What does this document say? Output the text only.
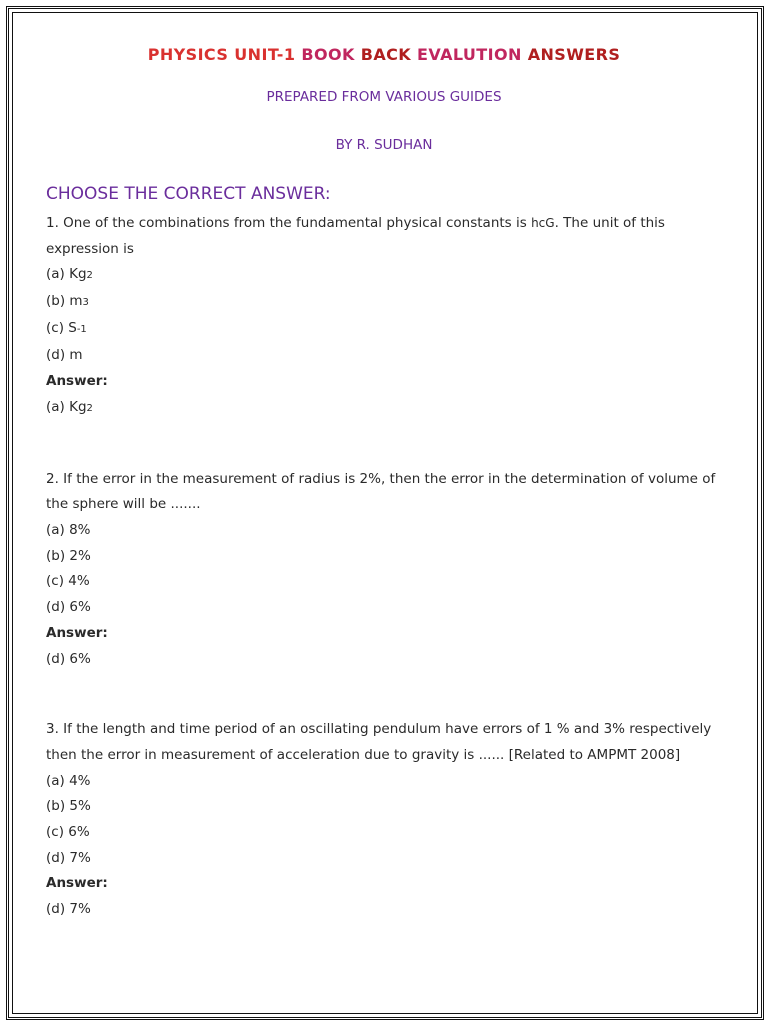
PHYSICS UNIT-1 BOOK BACK EVALUTION ANSWERS
PREPARED FROM VARIOUS GUIDES
BY R. SUDHAN
CHOOSE THE CORRECT ANSWER:
1. One of the combinations from the fundamental physical constants is hcG. The unit of this expression is
(a) Kg2
(b) m3
(c) S-1
(d) m
Answer:
(a) Kg2
2. If the error in the measurement of radius is 2%, then the error in the determination of volume of the sphere will be .......
(a) 8%
(b) 2%
(c) 4%
(d) 6%
Answer:
(d) 6%
3. If the length and time period of an oscillating pendulum have errors of 1 % and 3% respectively
then the error in measurement of acceleration due to gravity is ...... [Related to AMPMT 2008]
(a) 4%
(b) 5%
(c) 6%
(d) 7%
Answer:
(d) 7%
